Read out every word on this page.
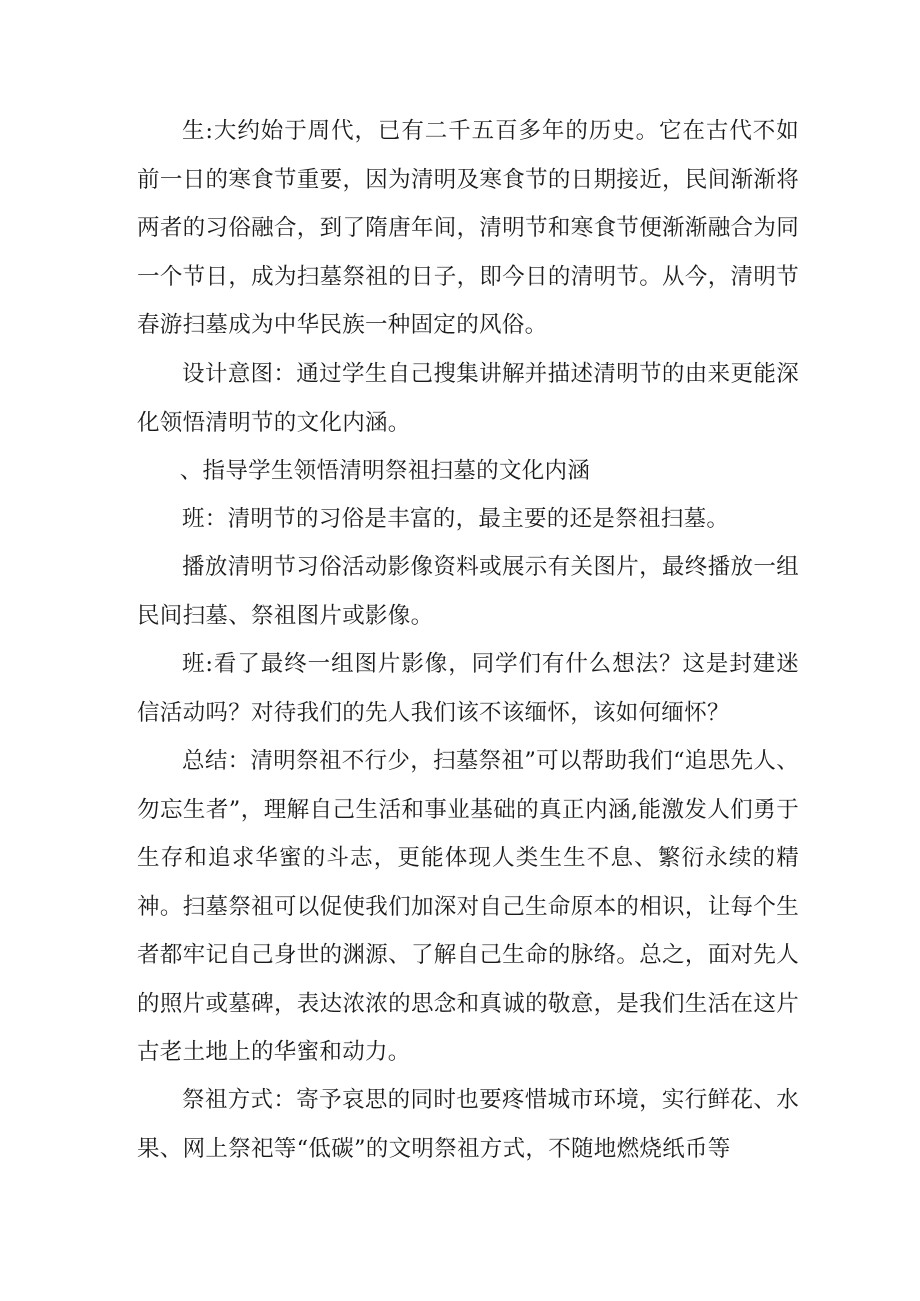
生:大约始于周代，已有二千五百多年的历史。它在古代不如前一日的寒食节重要，因为清明及寒食节的日期接近，民间渐渐将两者的习俗融合，到了隋唐年间，清明节和寒食节便渐渐融合为同一个节日，成为扫墓祭祖的日子，即今日的清明节。从今，清明节春游扫墓成为中华民族一种固定的风俗。

设计意图：通过学生自己搜集讲解并描述清明节的由来更能深化领悟清明节的文化内涵。

、指导学生领悟清明祭祖扫墓的文化内涵

班：清明节的习俗是丰富的，最主要的还是祭祖扫墓。

播放清明节习俗活动影像资料或展示有关图片，最终播放一组民间扫墓、祭祖图片或影像。

班:看了最终一组图片影像，同学们有什么想法？这是封建迷信活动吗？对待我们的先人我们该不该缅怀，该如何缅怀？

总结：清明祭祖不行少，扫墓祭祖”可以帮助我们“追思先人、勿忘生者”，理解自己生活和事业基础的真正内涵,能激发人们勇于生存和追求华蜜的斗志，更能体现人类生生不息、繁衍永续的精神。扫墓祭祖可以促使我们加深对自己生命原本的相识，让每个生者都牢记自己身世的渊源、了解自己生命的脉络。总之，面对先人的照片或墓碑，表达浓浓的思念和真诚的敬意，是我们生活在这片古老土地上的华蜜和动力。

祭祖方式：寄予哀思的同时也要疼惜城市环境，实行鲜花、水果、网上祭祀等“低碳”的文明祭祖方式，不随地燃烧纸币等
